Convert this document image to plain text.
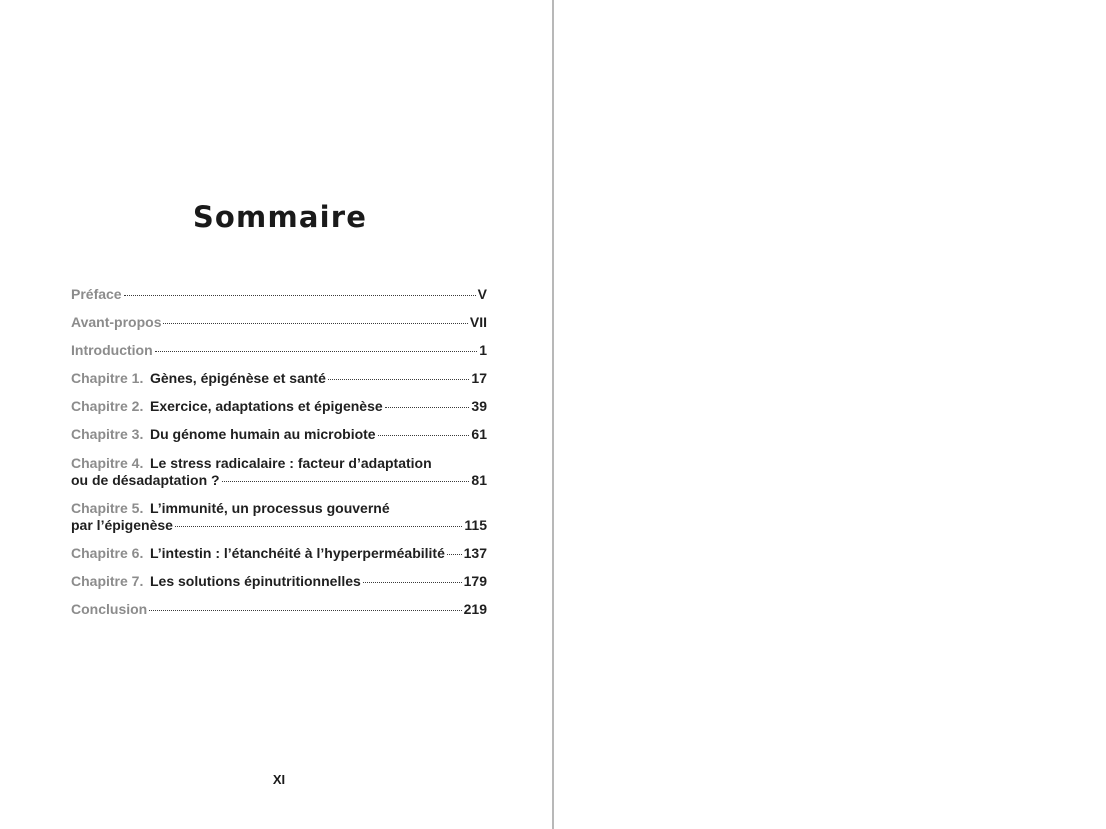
Sommaire
Préface	V
Avant-propos	VII
Introduction	1
Chapitre 1. Gènes, épigénèse et santé	17
Chapitre 2. Exercice, adaptations et épigenèse	39
Chapitre 3. Du génome humain au microbiote	61
Chapitre 4. Le stress radicalaire : facteur d’adaptation
ou de désadaptation ?	81
Chapitre 5. L’immunité, un processus gouverné
par l’épigenèse	115
Chapitre 6. L’intestin : l’étanchéité à l’hyperperméabilité 137
Chapitre 7. Les solutions épinutritionnelles	179
Conclusion	219
XI
